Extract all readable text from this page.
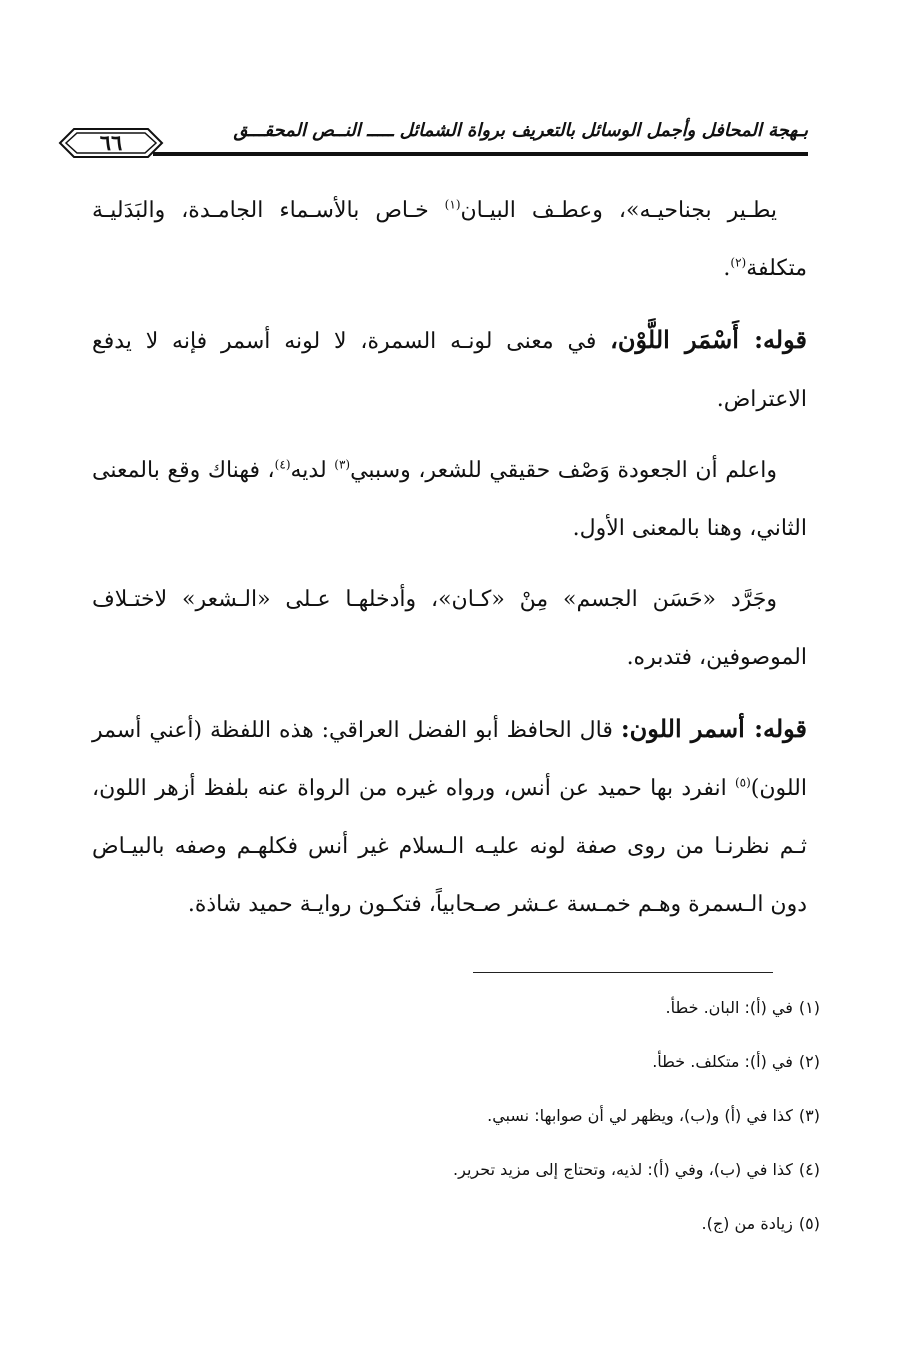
بـهجة المحافل وأجمل الوسائل بالتعريف برواة الشمائل ـــــ النــص المحقـــق
٦٦
يطـير بجناحيـه»، وعطـف البيـان$^{(١)}$ خـاص بالأسـماء الجامـدة، والبَدَليـة متكلفة$^{(٢)}$.
قوله: أَسْمَر اللَّوْن، في معنى لونـه السمرة، لا لونه أسمر فإنه لا يدفع الاعتراض.
واعلم أن الجعودة وَصْف حقيقي للشعر، وسببي$^{(٣)}$ لديه$^{(٤)}$، فهناك وقع بالمعنى الثاني، وهنا بالمعنى الأول.
وجَرَّد «حَسَن الجسم» مِنْ «كـان»، وأدخلهـا عـلى «الـشعر» لاختـلاف الموصوفين، فتدبره.
قوله: أسمر اللون: قال الحافظ أبو الفضل العراقي: هذه اللفظة (أعني أسمر اللون)$^{(٥)}$ انفرد بها حميد عن أنس، ورواه غيره من الرواة عنه بلفظ أزهر اللون، ثـم نظرنـا من روى صفة لونه عليـه الـسلام غير أنس فكلهـم وصفه بالبيـاض دون الـسمرة وهـم خمـسة عـشر صـحابياً، فتكـون روايـة حميد شاذة.
(١)في (أ): البان. خطأ.
(٢)في (أ): متكلف. خطأ.
(٣)كذا في (أ) و(ب)، ويظهر لي أن صوابها: نسبي.
(٤)كذا في (ب)، وفي (أ): لذيه، وتحتاج إلى مزيد تحرير.
(٥)زيادة من (ج).
